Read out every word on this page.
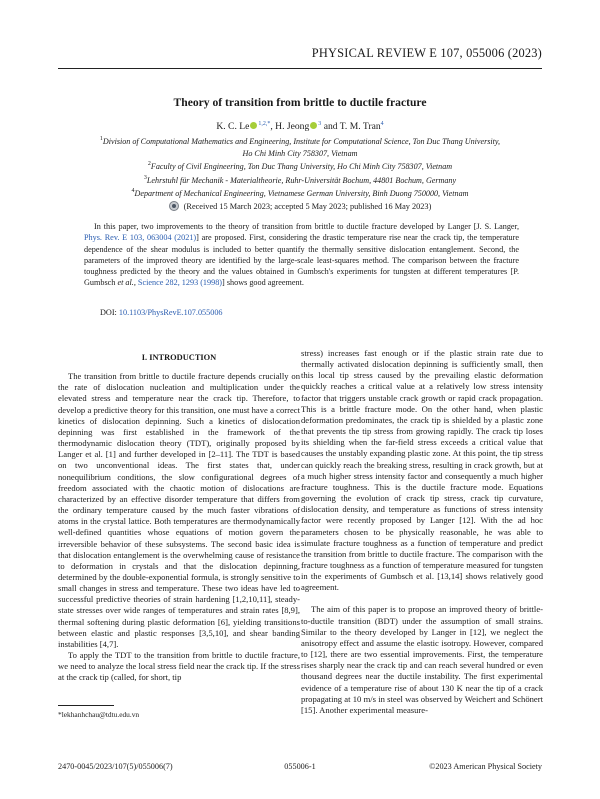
PHYSICAL REVIEW E 107, 055006 (2023)
Theory of transition from brittle to ductile fracture
K. C. Le $^{1,2,*}$, H. Jeong $^3$ and T. M. Tran$^4$
$^1$Division of Computational Mathematics and Engineering, Institute for Computational Science, Ton Duc Thang University,
Ho Chi Minh City 758307, Vietnam
$^2$Faculty of Civil Engineering, Ton Duc Thang University, Ho Chi Minh City 758307, Vietnam
$^3$Lehrstuhl für Mechanik - Materialtheorie, Ruhr-Universität Bochum, 44801 Bochum, Germany
$^4$Department of Mechanical Engineering, Vietnamese German University, Binh Duong 750000, Vietnam
(Received 15 March 2023; accepted 5 May 2023; published 16 May 2023)
In this paper, two improvements to the theory of transition from brittle to ductile fracture developed by Langer [J. S. Langer, Phys. Rev. E 103, 063004 (2021)] are proposed. First, considering the drastic temperature rise near the crack tip, the temperature dependence of the shear modulus is included to better quantify the thermally sensitive dislocation entanglement. Second, the parameters of the improved theory are identified by the large-scale least-squares method. The comparison between the fracture toughness predicted by the theory and the values obtained in Gumbsch's experiments for tungsten at different temperatures [P. Gumbsch et al., Science 282, 1293 (1998)] shows good agreement.
DOI: 10.1103/PhysRevE.107.055006
I. INTRODUCTION

The transition from brittle to ductile fracture depends crucially on the rate of dislocation nucleation and multiplication under the elevated stress and temperature near the crack tip. Therefore, to develop a predictive theory for this transition, one must have a correct kinetics of dislocation depinning. Such a kinetics of dislocation depinning was first established in the framework of the thermodynamic dislocation theory (TDT), originally proposed by Langer et al. [1] and further developed in [2–11]. The TDT is based on two unconventional ideas. The first states that, under nonequilibrium conditions, the slow configurational degrees of freedom associated with the chaotic motion of dislocations are characterized by an effective disorder temperature that differs from the ordinary temperature caused by the much faster vibrations of atoms in the crystal lattice. Both temperatures are thermodynamically well-defined quantities whose equations of motion govern the irreversible behavior of these subsystems. The second basic idea is that dislocation entanglement is the overwhelming cause of resistance to deformation in crystals and that the dislocation depinning, determined by the double-exponential formula, is strongly sensitive to small changes in stress and temperature. These two ideas have led to successful predictive theories of strain hardening [1,2,10,11], steady-state stresses over wide ranges of temperatures and strain rates [8,9], thermal softening during plastic deformation [6], yielding transitions between elastic and plastic responses [3,5,10], and shear banding instabilities [4,7].

To apply the TDT to the transition from brittle to ductile fracture, we need to analyze the local stress field near the crack tip. If the stress at the crack tip (called, for short, tip

stress) increases fast enough or if the plastic strain rate due to thermally activated dislocation depinning is sufficiently small, then this local tip stress caused by the prevailing elastic deformation quickly reaches a critical value at a relatively low stress intensity factor that triggers unstable crack growth or rapid crack propagation. This is a brittle fracture mode. On the other hand, when plastic deformation predominates, the crack tip is shielded by a plastic zone that prevents the tip stress from growing rapidly. The crack tip loses its shielding when the far-field stress exceeds a critical value that causes the unstably expanding plastic zone. At this point, the tip stress can quickly reach the breaking stress, resulting in crack growth, but at a much higher stress intensity factor and consequently a much higher fracture toughness. This is the ductile fracture mode. Equations governing the evolution of crack tip stress, crack tip curvature, dislocation density, and temperature as functions of stress intensity factor were recently proposed by Langer [12]. With the ad hoc parameters chosen to be physically reasonable, he was able to simulate fracture toughness as a function of temperature and predict the transition from brittle to ductile fracture. The comparison with the fracture toughness as a function of temperature measured for tungsten in the experiments of Gumbsch et al. [13,14] shows relatively good agreement.

The aim of this paper is to propose an improved theory of brittle-to-ductile transition (BDT) under the assumption of small strains. Similar to the theory developed by Langer in [12], we neglect the anisotropy effect and assume the elastic isotropy. However, compared to [12], there are two essential improvements. First, the temperature rises sharply near the crack tip and can reach several hundred or even thousand degrees near the ductile instability. The first experimental evidence of a temperature rise of about 130 K near the tip of a crack propagating at 10 m/s in steel was observed by Weichert and Schönert [15]. Another experimental measure-

*lekhanhchau@tdtu.edu.vn
2470-0045/2023/107(5)/055006(7)	055006-1	©2023 American Physical Society
